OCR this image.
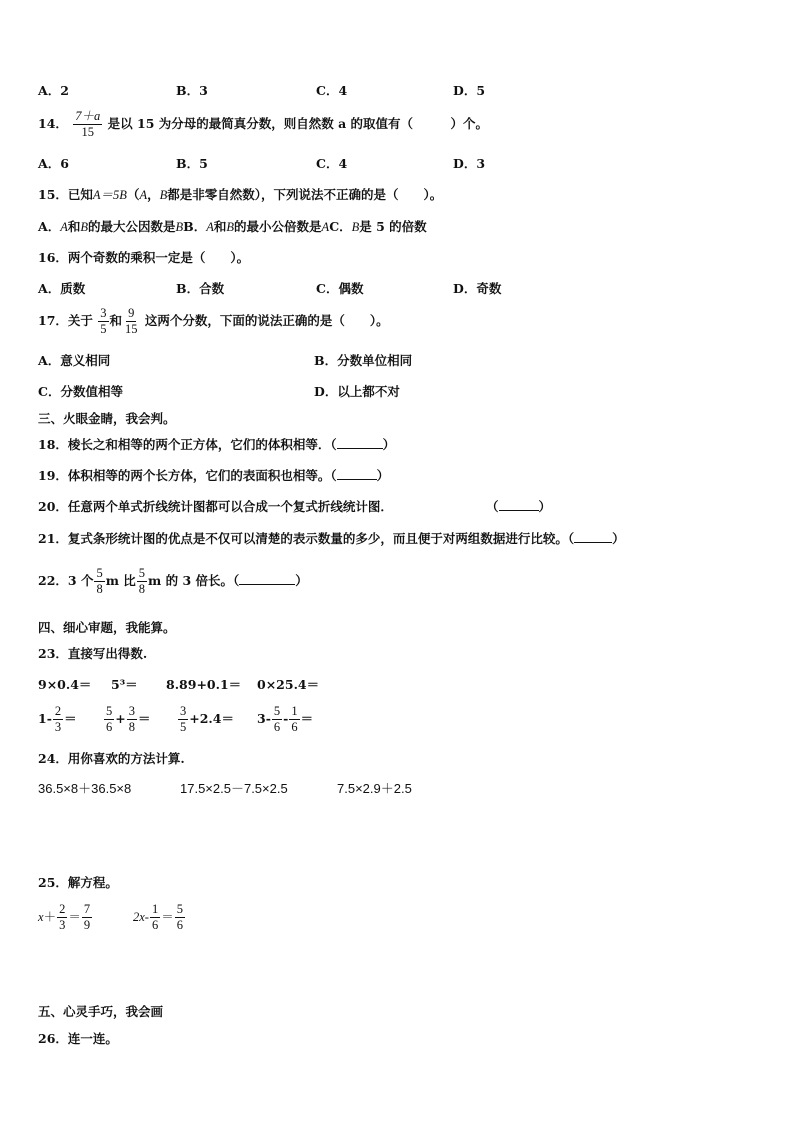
A．2	B．3	C．4	D．5
14． $\frac{7+a}{15}$ 是以 15 为分母的最简真分数，则自然数 a 的取值有（　　　）个。
A．6	B．5	C．4	D．3
15．已知A＝5B（A，B都是非零自然数），下列说法不正确的是（　　）。
A．A和B的最大公因数是BB．A和B的最小公倍数是AC．B是 5 的倍数
16．两个奇数的乘积一定是（　　）。
A．质数	B．合数	C．偶数	D．奇数
17．关于 $\frac{3}{5}$ 和 $\frac{9}{15}$ 这两个分数，下面的说法正确的是（　　）。
A．意义相同	B．分数单位相同
C．分数值相等	D．以上都不对
三、火眼金睛，我会判。
18．棱长之和相等的两个正方体，它们的体积相等．（	）
19．体积相等的两个长方体，它们的表面积也相等。（	）
20．任意两个单式折线统计图都可以合成一个复式折线统计图．	（	）
21．复式条形统计图的优点是不仅可以清楚的表示数量的多少，而且便于对两组数据进行比较。（	）
22．3 个 $\frac{5}{8}$ m 比 $\frac{5}{8}$ m 的 3 倍长。（	）
四、细心审题，我能算。
23．直接写出得数.
9×0.4＝ 5³＝ 8.89+0.1＝ 0×25.4＝
$1- \frac{2}{3} = \frac{5}{6} + \frac{3}{8} = \frac{3}{5} +2.4= 3- \frac{5}{6} - \frac{1}{6}$ ＝
24．用你喜欢的方法计算.
36.5×8＋36.5×8	17.5×2.5－7.5×2.5	7.5×2.9＋2.5
25．解方程。
$x+ \frac{2}{3} = \frac{7}{9}$	$2x- \frac{1}{6} = \frac{5}{6}$
五、心灵手巧，我会画
26．连一连。
